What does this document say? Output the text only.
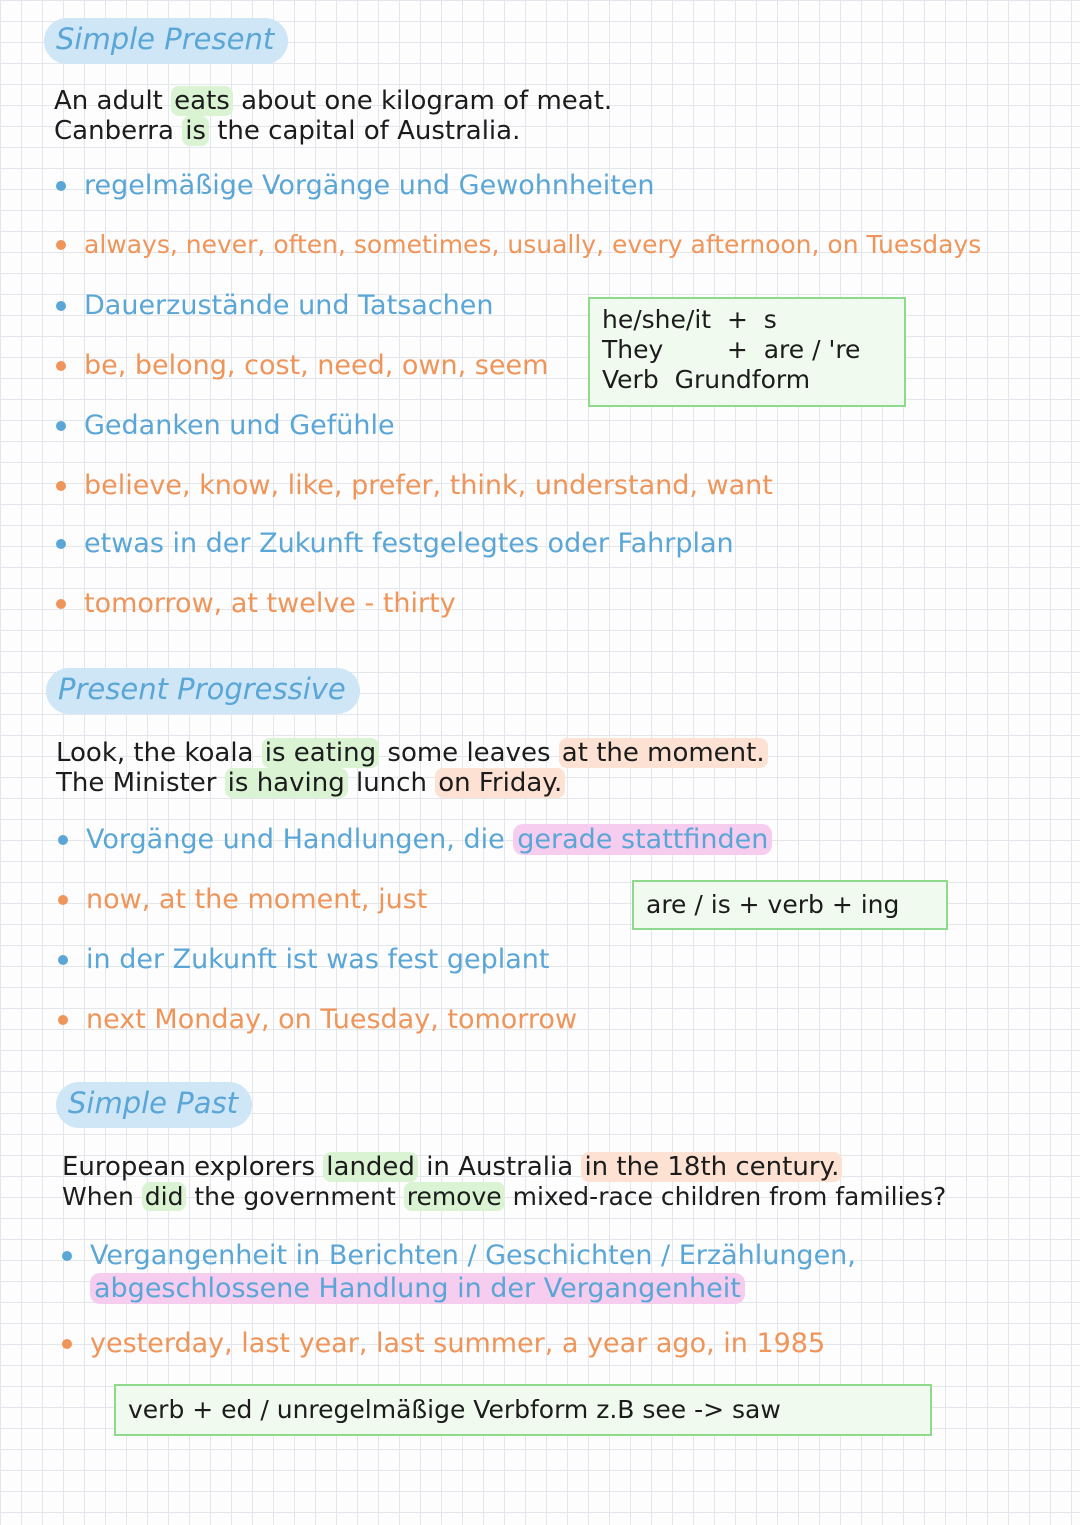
Simple Present
An adult eats about one kilogram of meat.
Canberra is the capital of Australia.
regelmäßige Vorgänge und Gewohnheiten
always, never, often, sometimes, usually, every afternoon, on Tuesdays
Dauerzustände und Tatsachen
be, belong, cost, need, own, seem
Gedanken und Gefühle
believe, know, like, prefer, think, understand, want
etwas in der Zukunft festgelegtes oder Fahrplan
tomorrow, at twelve - thirty
he/she/it  +  s
They        +  are / 're
Verb  Grundform
Present Progressive
Look, the koala is eating some leaves at the moment.
The Minister is having lunch on Friday.
Vorgänge und Handlungen, die gerade stattfinden
now, at the moment, just
in der Zukunft ist was fest geplant
next Monday, on Tuesday, tomorrow
are / is + verb + ing
Simple Past
European explorers landed in Australia in the 18th century.
When did the government remove mixed-race children from families?
Vergangenheit in Berichten / Geschichten / Erzählungen,
abgeschlossene Handlung in der Vergangenheit
yesterday, last year, last summer, a year ago, in 1985
verb + ed / unregelmäßige Verbform z.B see -> saw
